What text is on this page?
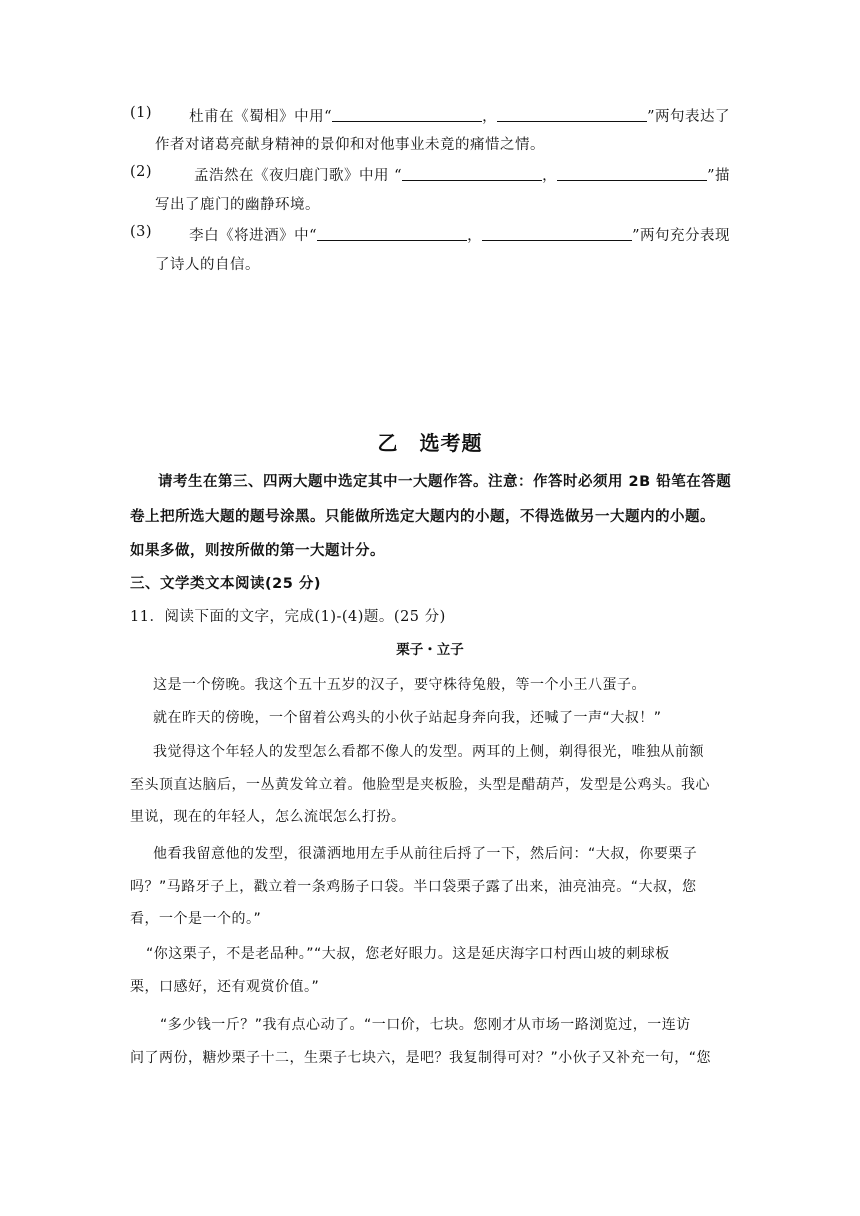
(1)	杜甫在《蜀相》中用“	，	”两句表达了
作者对诸葛亮献身精神的景仰和对他事业未竟的痛惜之情。
(2)	孟浩然在《夜归鹿门歌》中用 “	，	”描
写出了鹿门的幽静环境。
(3)	李白《将进酒》中“	，	”两句充分表现
了诗人的自信。
乙　选考题
请考生在第三、四两大题中选定其中一大题作答。注意：作答时必须用 2B 铅笔在答题
卷上把所选大题的题号涂黑。只能做所选定大题内的小题，不得选做另一大题内的小题。
如果多做，则按所做的第一大题计分。
三、文学类文本阅读(25 分)
11．阅读下面的文字，完成(1)-(4)题。(25 分)
栗子・立子
这是一个傍晚。我这个五十五岁的汉子，要守株待兔般，等一个小王八蛋子。
就在昨天的傍晚，一个留着公鸡头的小伙子站起身奔向我，还喊了一声“大叔！”
我觉得这个年轻人的发型怎么看都不像人的发型。两耳的上侧，剃得很光，唯独从前额
至头顶直达脑后，一丛黄发耸立着。他脸型是夹板脸，头型是醋葫芦，发型是公鸡头。我心
里说，现在的年轻人，怎么流氓怎么打扮。
他看我留意他的发型，很潇洒地用左手从前往后捋了一下，然后问：“大叔，你要栗子
吗？”马路牙子上，戳立着一条鸡肠子口袋。半口袋栗子露了出来，油亮油亮。“大叔，您
看，一个是一个的。”
“你这栗子，不是老品种。”“大叔，您老好眼力。这是延庆海字口村西山坡的刺球板
栗，口感好，还有观赏价值。”
“多少钱一斤？”我有点心动了。“一口价，七块。您刚才从市场一路浏览过，一连访
问了两份，糖炒栗子十二，生栗子七块六，是吧？我复制得可对？”小伙子又补充一句，“您
